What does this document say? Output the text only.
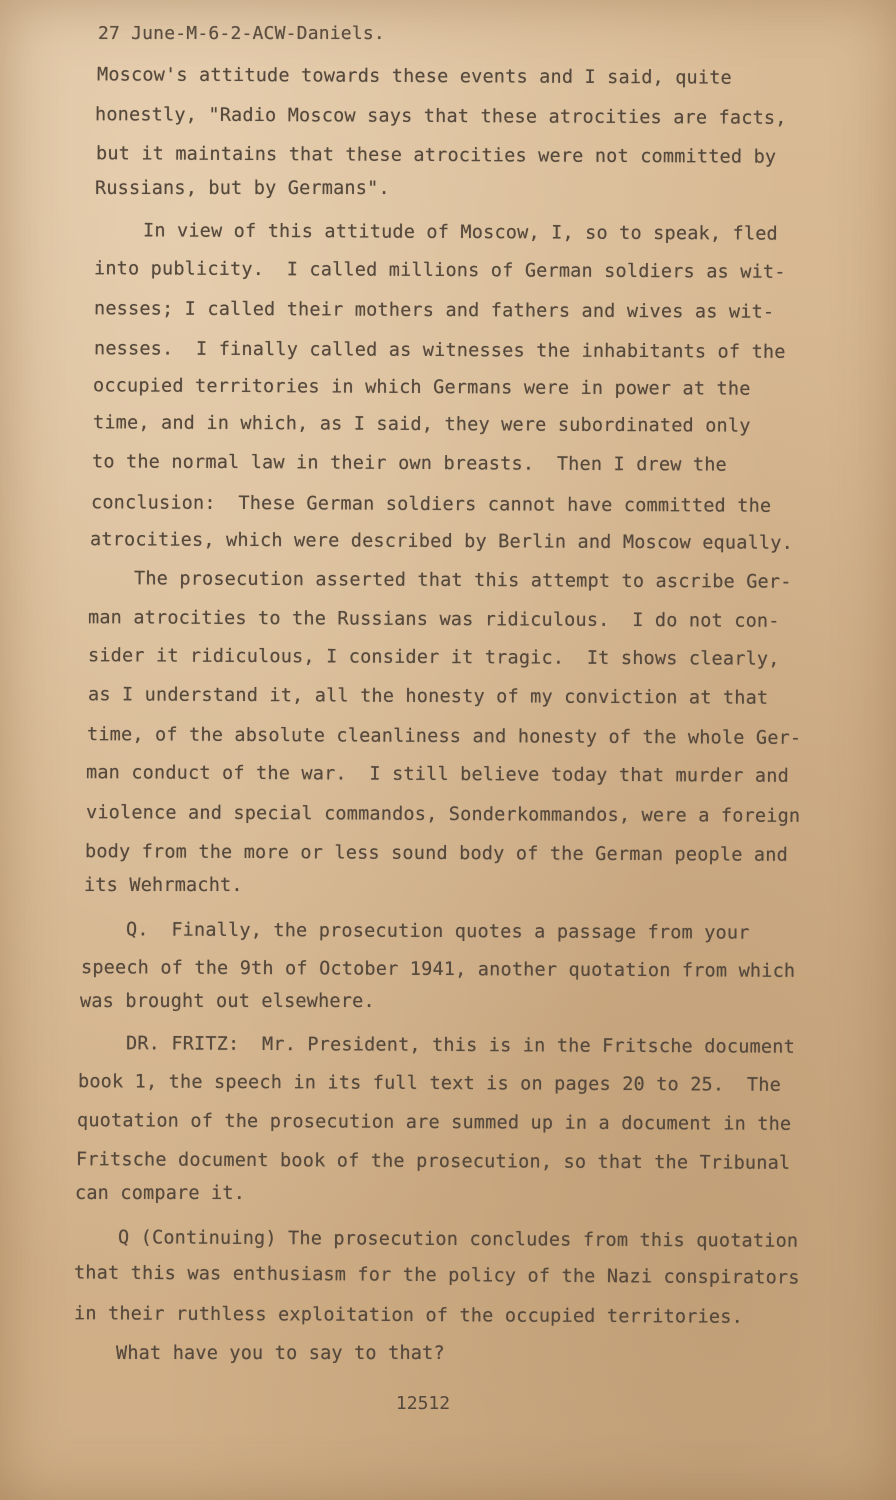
27 June-M-6-2-ACW-Daniels.

Moscow's attitude towards these events and I said, quite

honestly, "Radio Moscow says that these atrocities are facts,

but it maintains that these atrocities were not committed by

Russians, but by Germans".

In view of this attitude of Moscow, I, so to speak, fled

into publicity.  I called millions of German soldiers as wit-

nesses; I called their mothers and fathers and wives as wit-

nesses.  I finally called as witnesses the inhabitants of the

occupied territories in which Germans were in power at the

time, and in which, as I said, they were subordinated only

to the normal law in their own breasts.  Then I drew the

conclusion:  These German soldiers cannot have committed the

atrocities, which were described by Berlin and Moscow equally.

The prosecution asserted that this attempt to ascribe Ger-

man atrocities to the Russians was ridiculous.  I do not con-

sider it ridiculous, I consider it tragic.  It shows clearly,

as I understand it, all the honesty of my conviction at that

time, of the absolute cleanliness and honesty of the whole Ger-

man conduct of the war.  I still believe today that murder and

violence and special commandos, Sonderkommandos, were a foreign

body from the more or less sound body of the German people and

its Wehrmacht.

Q.  Finally, the prosecution quotes a passage from your

speech of the 9th of October 1941, another quotation from which

was brought out elsewhere.

DR. FRITZ:  Mr. President, this is in the Fritsche document

book 1, the speech in its full text is on pages 20 to 25.  The

quotation of the prosecution are summed up in a document in the

Fritsche document book of the prosecution, so that the Tribunal

can compare it.

Q (Continuing) The prosecution concludes from this quotation

that this was enthusiasm for the policy of the Nazi conspirators

in their ruthless exploitation of the occupied territories.

What have you to say to that?

12512
